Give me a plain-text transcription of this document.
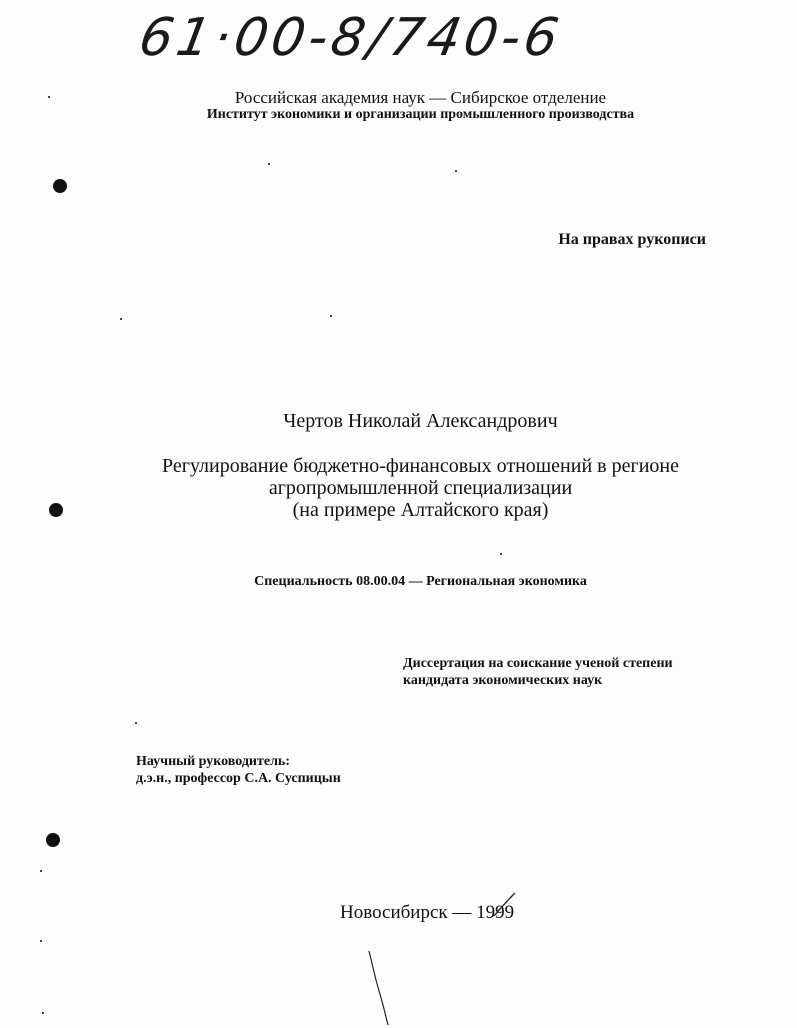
61·00-8/740-6
Российская академия наук — Сибирское отделение
Институт экономики и организации промышленного производства
На правах рукописи
Чертов Николай Александрович
Регулирование бюджетно-финансовых отношений в регионе
агропромышленной специализации
(на примере Алтайского края)
Специальность 08.00.04 — Региональная экономика
Диссертация на соискание ученой степени
кандидата экономических наук
Научный руководитель:
д.э.н., профессор С.А. Суспицын
Новосибирск — 1999
